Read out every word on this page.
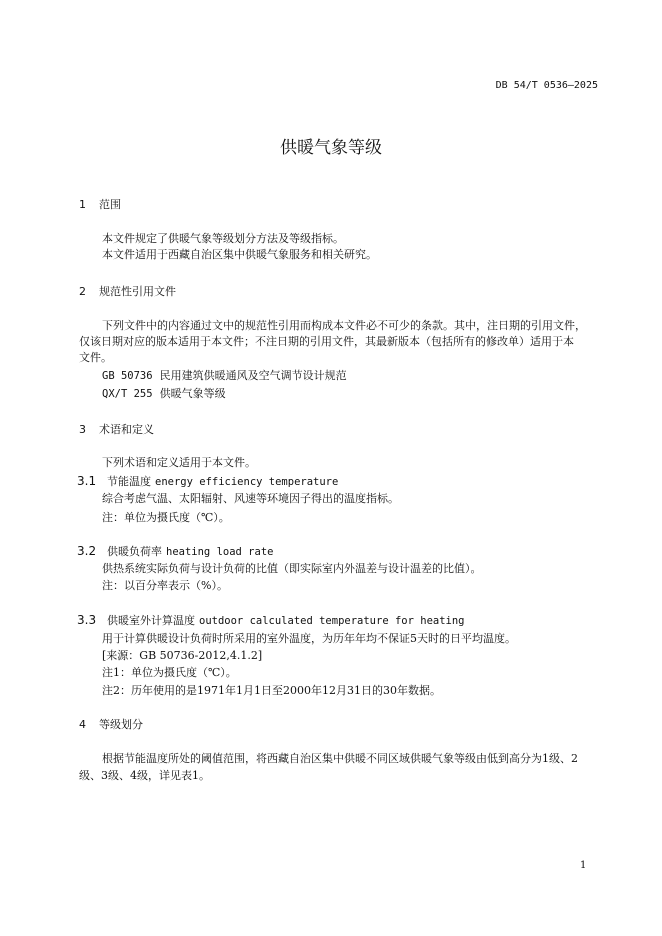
DB 54/T 0536—2025
供暖气象等级
1 范围
本文件规定了供暖气象等级划分方法及等级指标。
本文件适用于西藏自治区集中供暖气象服务和相关研究。
2 规范性引用文件
下列文件中的内容通过文中的规范性引用而构成本文件必不可少的条款。其中，注日期的引用文件，
仅该日期对应的版本适用于本文件；不注日期的引用文件，其最新版本（包括所有的修改单）适用于本
文件。
GB 50736 民用建筑供暖通风及空气调节设计规范
QX/T 255 供暖气象等级
3 术语和定义
下列术语和定义适用于本文件。
3.1 节能温度 energy efficiency temperature
综合考虑气温、太阳辐射、风速等环境因子得出的温度指标。
注：单位为摄氏度（℃）。
3.2 供暖负荷率 heating load rate
供热系统实际负荷与设计负荷的比值（即实际室内外温差与设计温差的比值）。
注：以百分率表示（%）。
3.3 供暖室外计算温度 outdoor calculated temperature for heating
用于计算供暖设计负荷时所采用的室外温度，为历年年均不保证5天时的日平均温度。
[来源：GB 50736-2012,4.1.2]
注1：单位为摄氏度（℃）。
注2：历年使用的是1971年1月1日至2000年12月31日的30年数据。
4 等级划分
根据节能温度所处的阈值范围，将西藏自治区集中供暖不同区域供暖气象等级由低到高分为1级、2
级、3级、4级，详见表1。
1
